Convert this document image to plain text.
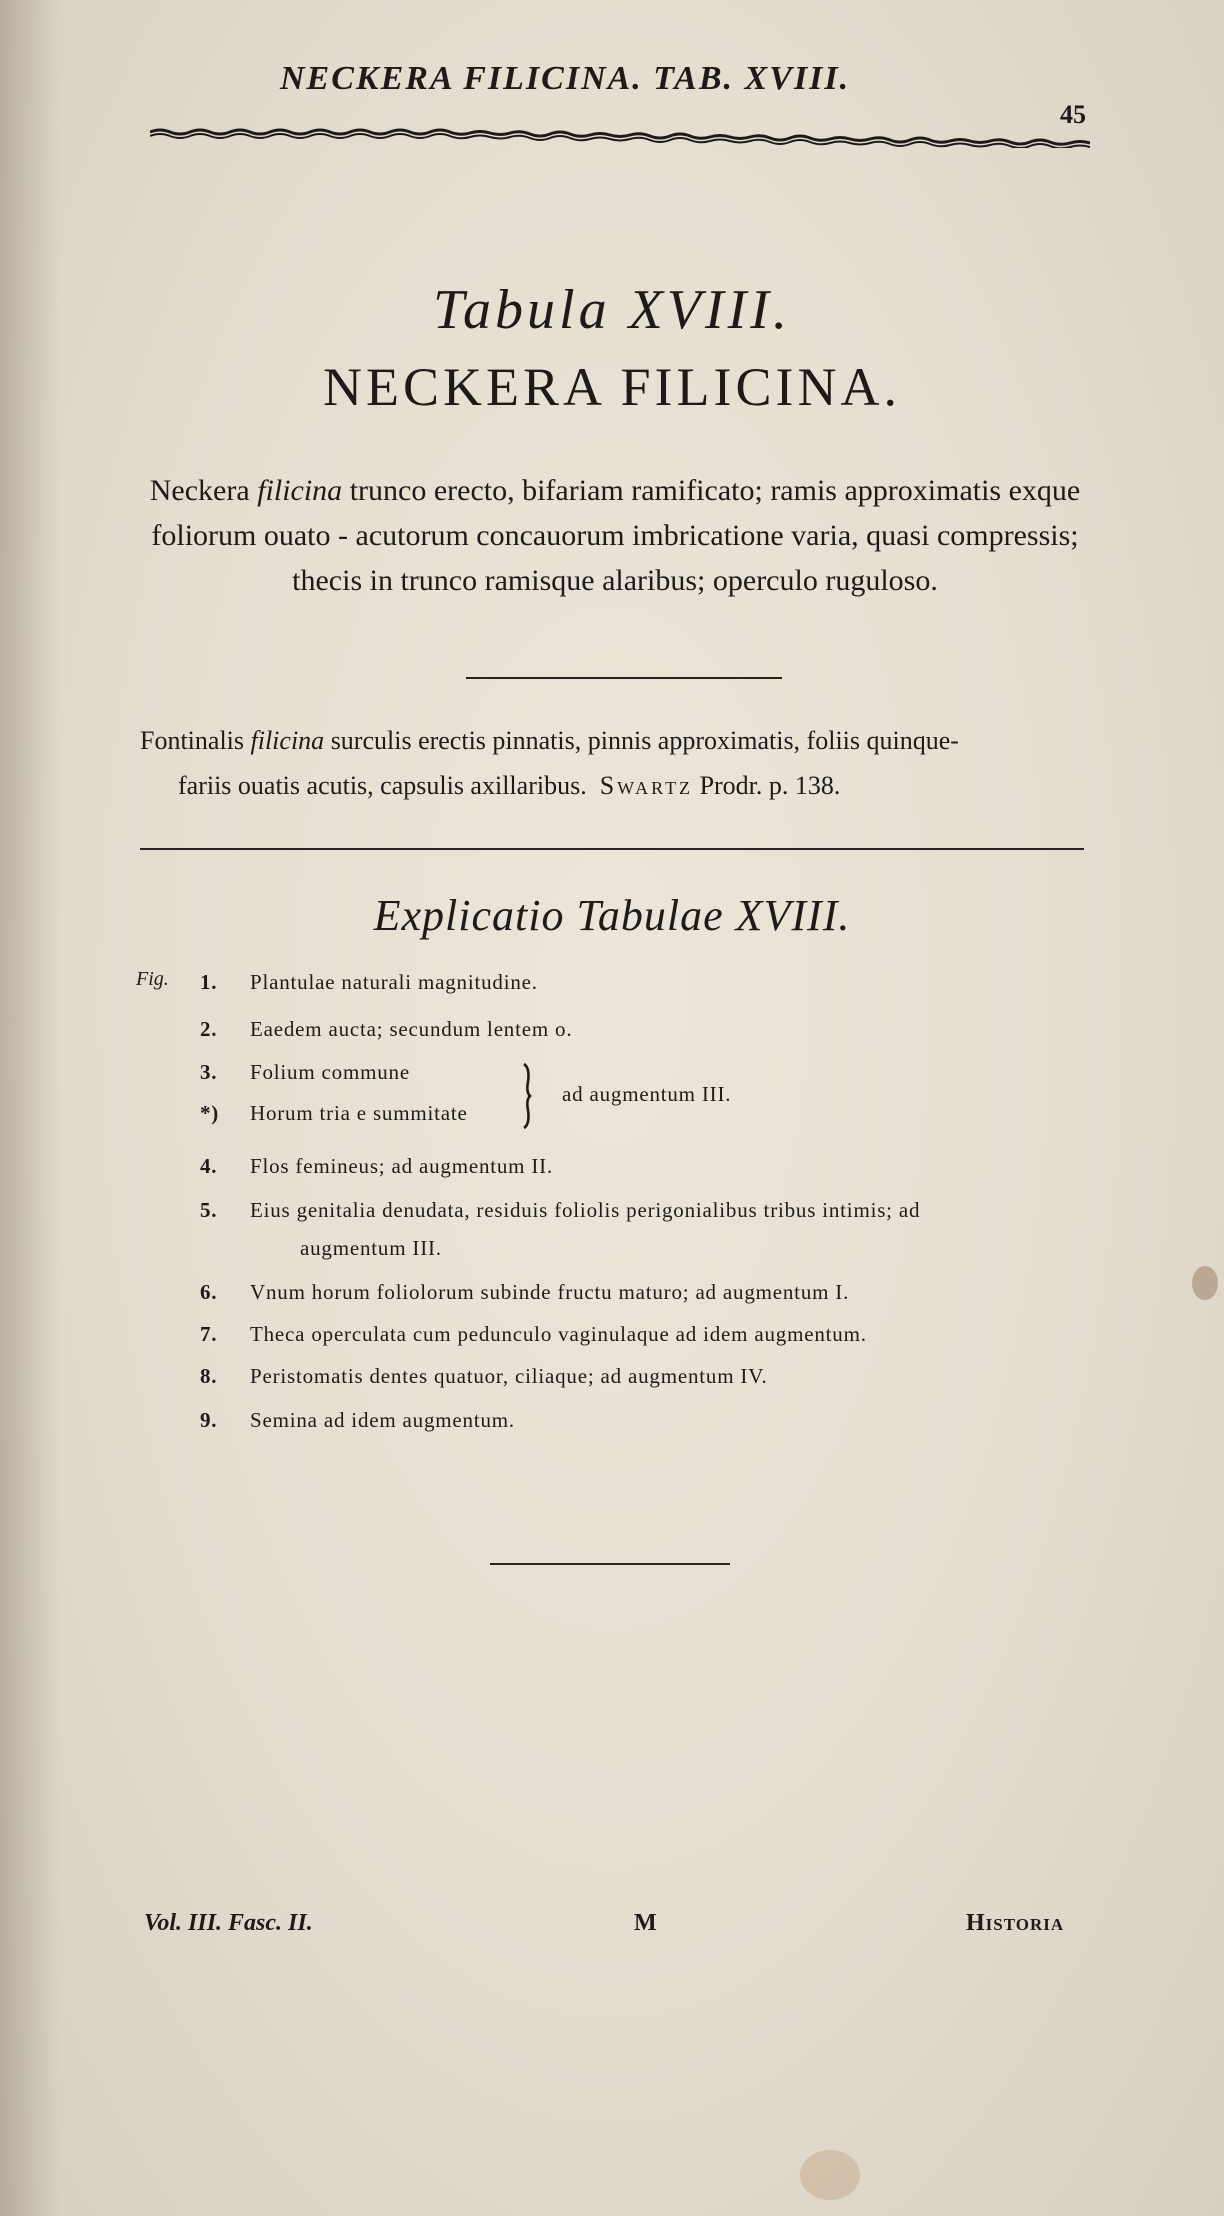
NECKERA FILICINA. TAB. XVIII.
45
Tabula XVIII.
NECKERA FILICINA.
Neckera filicina trunco erecto, bifariam ramificato; ramis approximatis exque foliorum ouato - acutorum concauorum imbricatione varia, quasi compressis; thecis in trunco ramisque alaribus; operculo ruguloso.
Fontinalis filicina surculis erectis pinnatis, pinnis approximatis, foliis quinque-
fariis ouatis acutis, capsulis axillaribus. Swartz Prodr. p. 138.
Explicatio Tabulae XVIII.
Fig. 1. Plantulae naturali magnitudine.
2. Eaedem aucta; secundum lentem o.
3. Folium commune
*) Horum tria e summitate
ad augmentum III.
4. Flos femineus; ad augmentum II.
5. Eius genitalia denudata, residuis foliolis perigonialibus tribus intimis; ad
augmentum III.
6. Vnum horum foliolorum subinde fructu maturo; ad augmentum I.
7. Theca operculata cum pedunculo vaginulaque ad idem augmentum.
8. Peristomatis dentes quatuor, ciliaque; ad augmentum IV.
9. Semina ad idem augmentum.
Vol. III. Fasc. II.	M	Historia
